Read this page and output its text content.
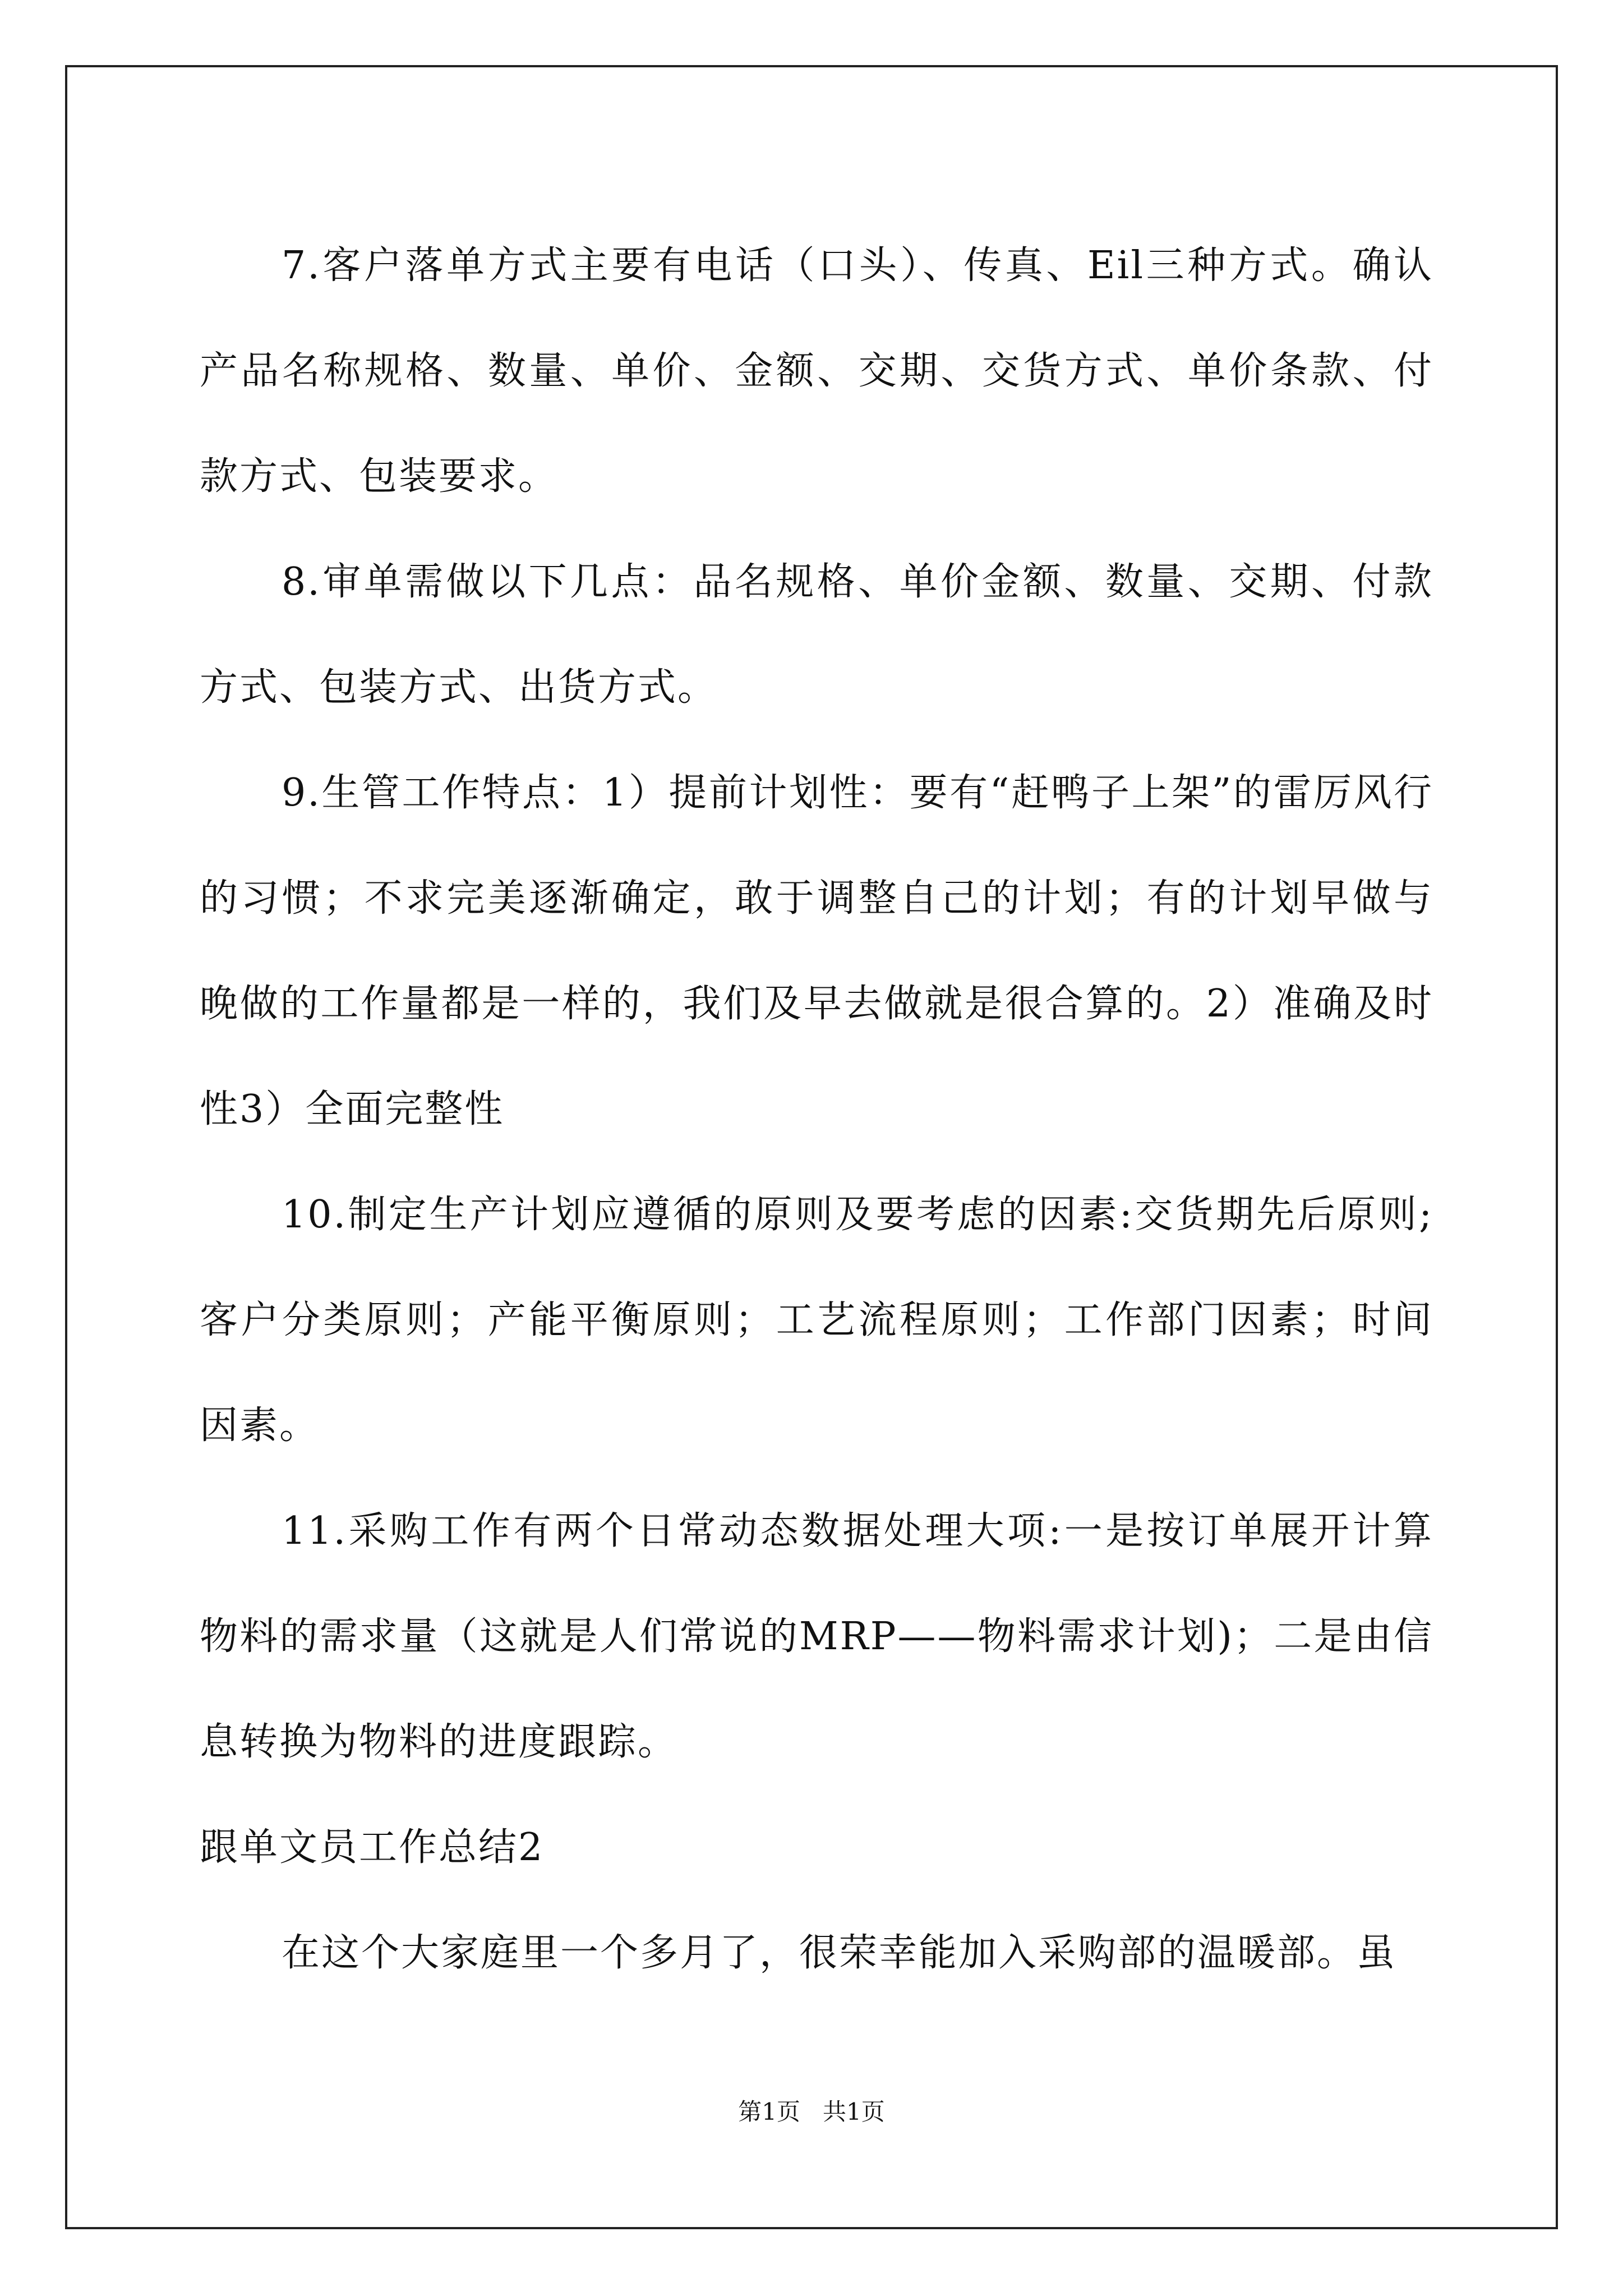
7.客户落单方式主要有电话（口头）、传真、Eil三种方式。确认产品名称规格、数量、单价、金额、交期、交货方式、单价条款、付款方式、包装要求。

8.审单需做以下几点：品名规格、单价金额、数量、交期、付款方式、包装方式、出货方式。

9.生管工作特点：1）提前计划性：要有“赶鸭子上架”的雷厉风行的习惯；不求完美逐渐确定，敢于调整自己的计划；有的计划早做与晚做的工作量都是一样的，我们及早去做就是很合算的。2）准确及时性3）全面完整性

10.制定生产计划应遵循的原则及要考虑的因素:交货期先后原则;客户分类原则；产能平衡原则；工艺流程原则；工作部门因素；时间因素。

11.采购工作有两个日常动态数据处理大项:一是按订单展开计算物料的需求量（这就是人们常说的MRP——物料需求计划)；二是由信息转换为物料的进度跟踪。

跟单文员工作总结2

在这个大家庭里一个多月了，很荣幸能加入采购部的温暖部。虽

第1页 共1页
